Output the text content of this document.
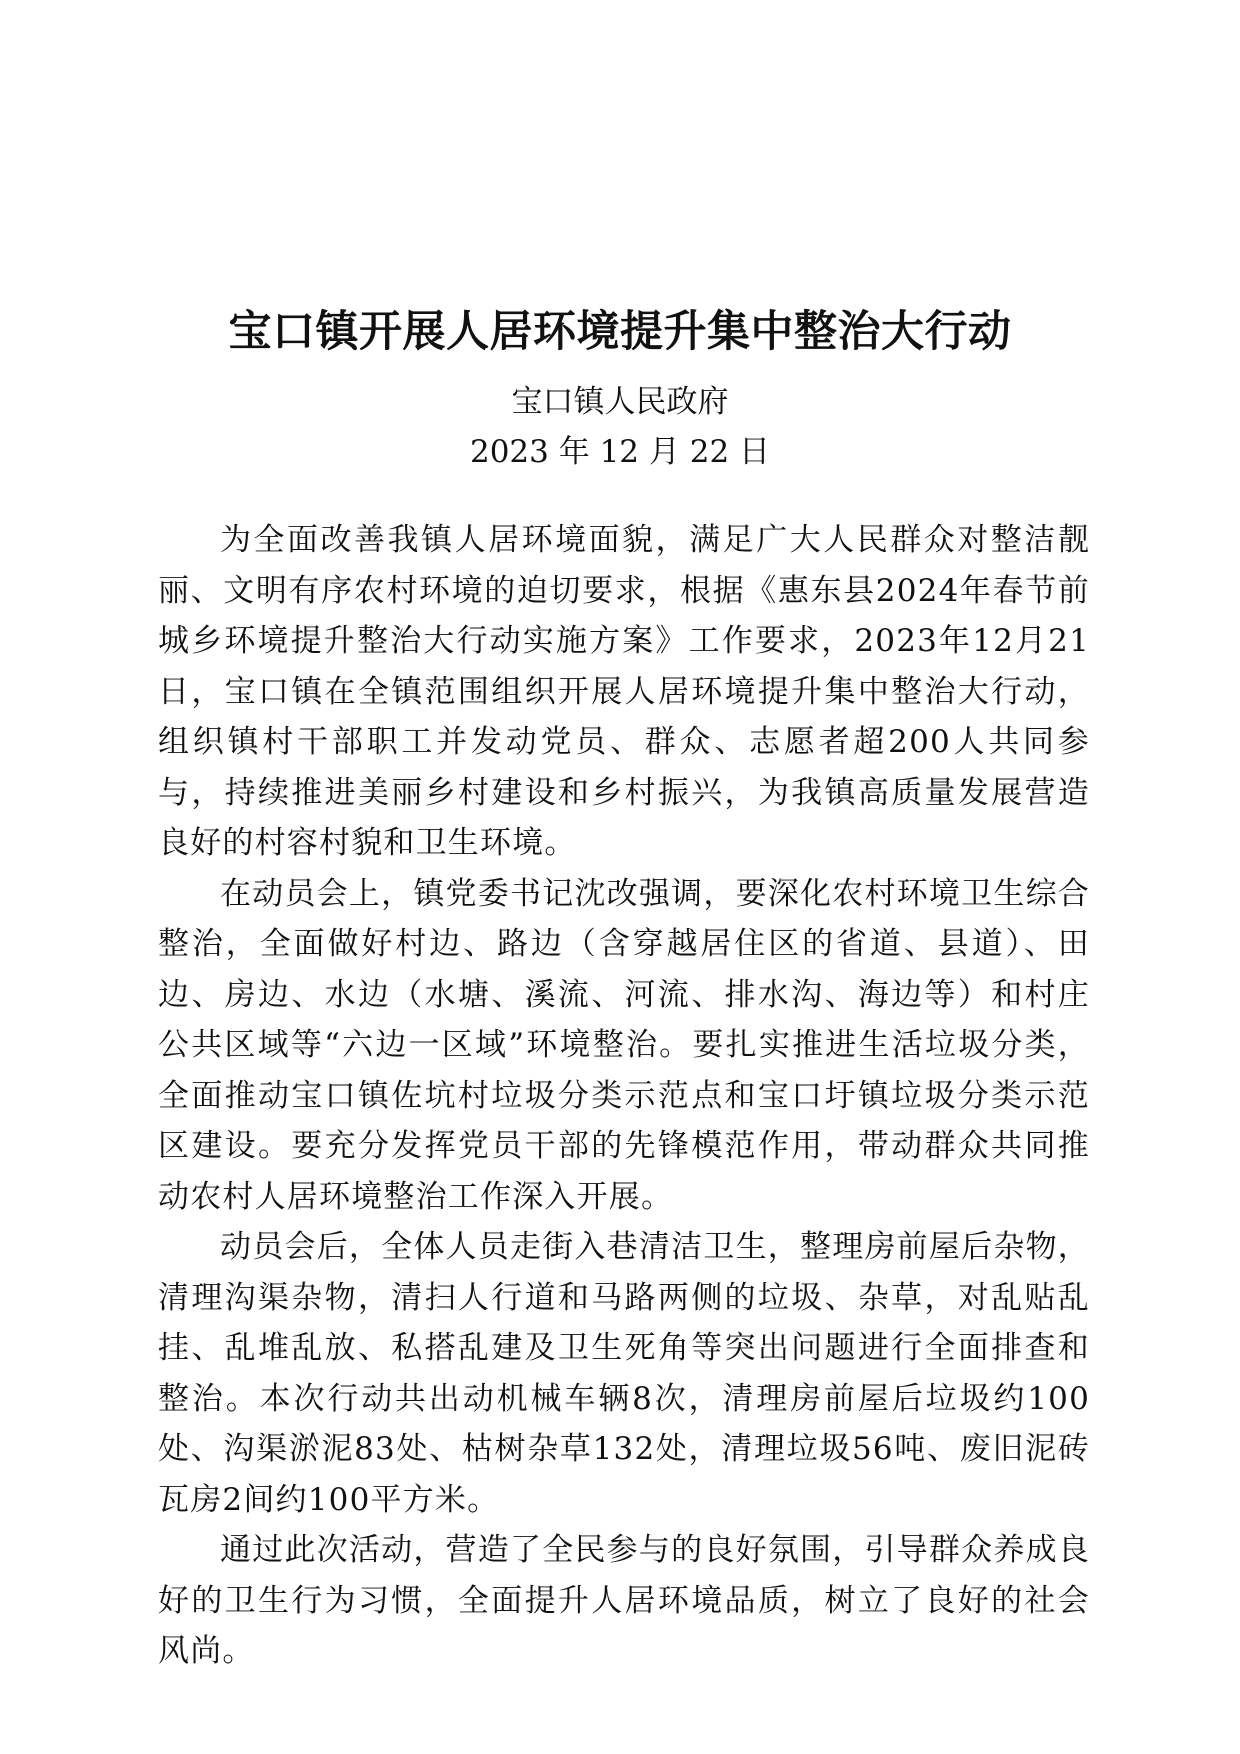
宝口镇开展人居环境提升集中整治大行动
宝口镇人民政府
2023 年 12 月 22 日

为全面改善我镇人居环境面貌，满足广大人民群众对整洁靓丽、文明有序农村环境的迫切要求，根据《惠东县2024年春节前城乡环境提升整治大行动实施方案》工作要求，2023年12月21日，宝口镇在全镇范围组织开展人居环境提升集中整治大行动，组织镇村干部职工并发动党员、群众、志愿者超200人共同参与，持续推进美丽乡村建设和乡村振兴，为我镇高质量发展营造良好的村容村貌和卫生环境。

在动员会上，镇党委书记沈改强调，要深化农村环境卫生综合整治，全面做好村边、路边（含穿越居住区的省道、县道）、田边、房边、水边（水塘、溪流、河流、排水沟、海边等）和村庄公共区域等“六边一区域”环境整治。要扎实推进生活垃圾分类，全面推动宝口镇佐坑村垃圾分类示范点和宝口圩镇垃圾分类示范区建设。要充分发挥党员干部的先锋模范作用，带动群众共同推动农村人居环境整治工作深入开展。

动员会后，全体人员走街入巷清洁卫生，整理房前屋后杂物，清理沟渠杂物，清扫人行道和马路两侧的垃圾、杂草，对乱贴乱挂、乱堆乱放、私搭乱建及卫生死角等突出问题进行全面排查和整治。本次行动共出动机械车辆8次，清理房前屋后垃圾约100处、沟渠淤泥83处、枯树杂草132处，清理垃圾56吨、废旧泥砖瓦房2间约100平方米。

通过此次活动，营造了全民参与的良好氛围，引导群众养成良好的卫生行为习惯，全面提升人居环境品质，树立了良好的社会风尚。
